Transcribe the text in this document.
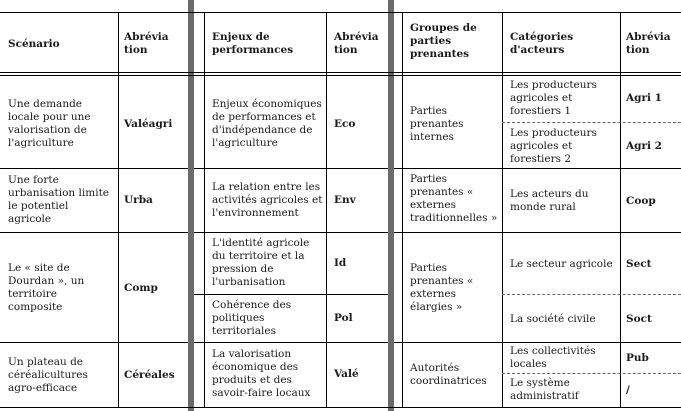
Scénario
Abrévia tion
Une demande locale pour une valorisation de l'agriculture
Valéagri
Une forte urbanisation limite le potentiel agricole
Urba
Le « site de Dourdan », un territoire composite
Comp
Un plateau de céréalicultures agro-efficace
Céréales
Enjeux de performances
Abrévia tion
Enjeux économiques de performances et d'indépendance de l'agriculture
Eco
La relation entre les activités agricoles et l'environnement
Env
L'identité agricole du territoire et la pression de l'urbanisation
Id
Cohérence des politiques territoriales
Pol
La valorisation économique des produits et des savoir-faire locaux
Valé
Groupes de parties prenantes
Catégories d'acteurs
Abrévia tion
Parties prenantes internes
Parties prenantes « externes traditionnelles »
Parties prenantes « externes élargies »
Autorités coordinatrices
Les producteurs agricoles et forestiers 1
Agri 1
Les producteurs agricoles et forestiers 2
Agri 2
Les acteurs du monde rural
Coop
Le secteur agricole	Sect
La société civile	Soct
Les collectivités locales
Pub
Le système administratif
/
